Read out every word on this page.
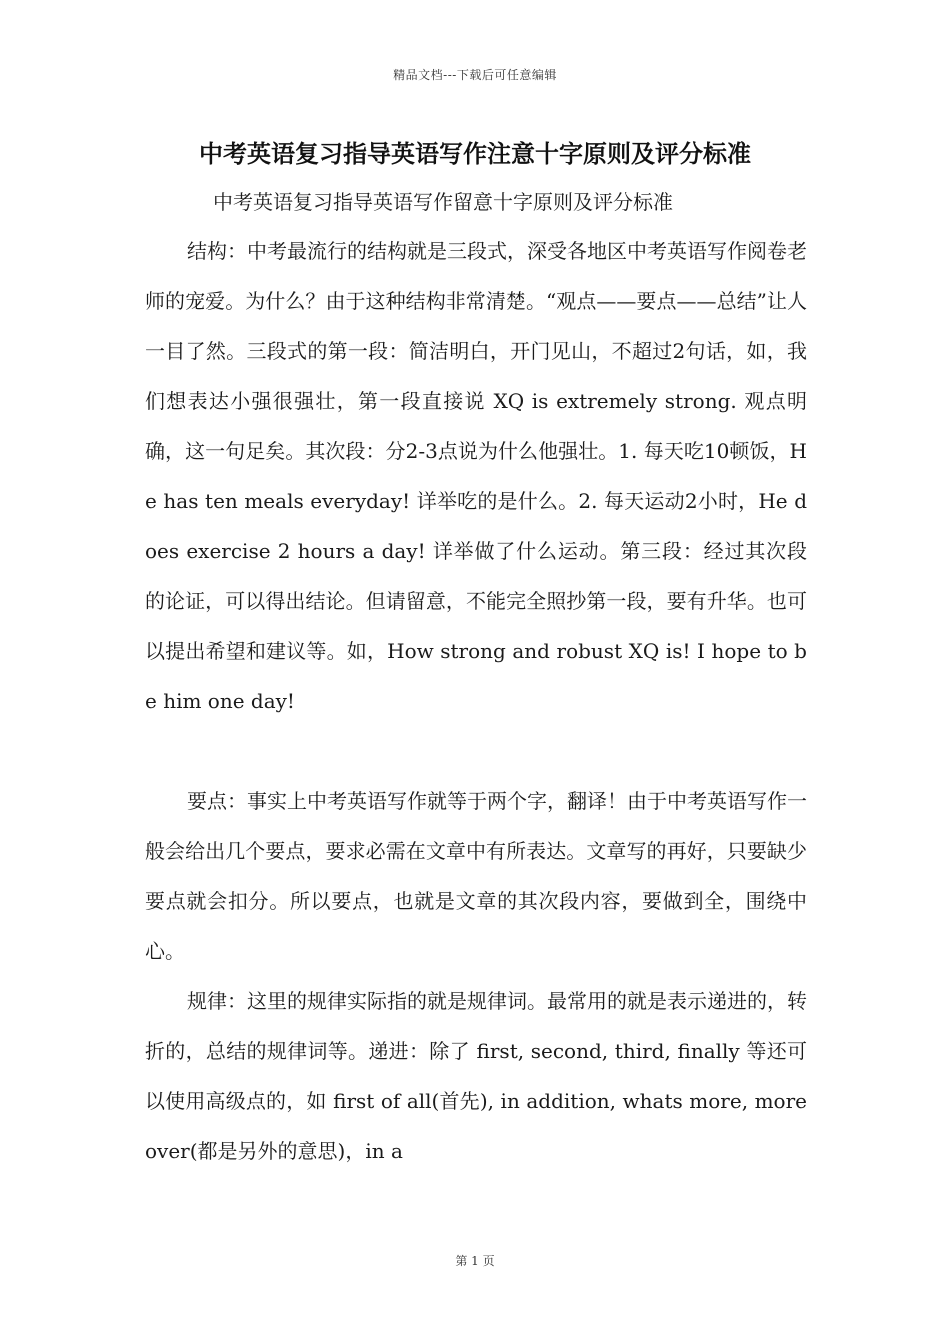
精品文档---下载后可任意编辑
中考英语复习指导英语写作注意十字原则及评分标准
中考英语复习指导英语写作留意十字原则及评分标准

结构：中考最流行的结构就是三段式，深受各地区中考英语写作阅卷老师的宠爱。为什么？由于这种结构非常清楚。“观点——要点——总结”让人一目了然。三段式的第一段：简洁明白，开门见山，不超过2句话，如，我们想表达小强很强壮，第一段直接说 XQ is extremely strong. 观点明确，这一句足矣。其次段：分2-3点说为什么他强壮。1. 每天吃10顿饭，He has ten meals everyday! 详举吃的是什么。2. 每天运动2小时，He does exercise 2 hours a day! 详举做了什么运动。第三段：经过其次段的论证，可以得出结论。但请留意，不能完全照抄第一段，要有升华。也可以提出希望和建议等。如，How strong and robust XQ is! I hope to be him one day!

要点：事实上中考英语写作就等于两个字，翻译！由于中考英语写作一般会给出几个要点，要求必需在文章中有所表达。文章写的再好，只要缺少要点就会扣分。所以要点，也就是文章的其次段内容，要做到全，围绕中心。

规律：这里的规律实际指的就是规律词。最常用的就是表示递进的，转折的，总结的规律词等。递进：除了 first, second, third, finally 等还可以使用高级点的，如 first of all(首先), in addition, whats more, moreover(都是另外的意思)，in a

第 1 页
